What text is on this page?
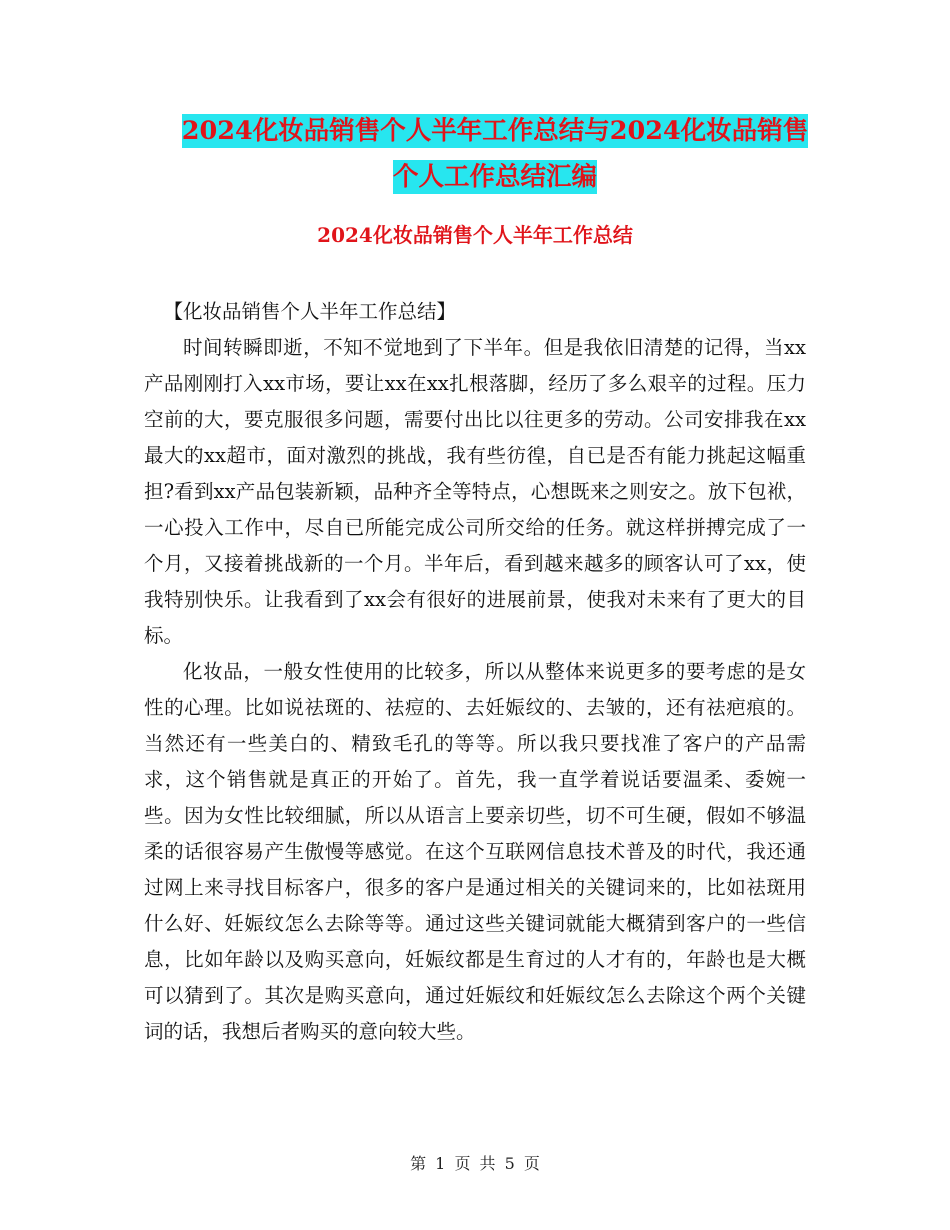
2024化妆品销售个人半年工作总结与2024化妆品销售
个人工作总结汇编
2024化妆品销售个人半年工作总结

【化妆品销售个人半年工作总结】

时间转瞬即逝，不知不觉地到了下半年。但是我依旧清楚的记得，当xx产品刚刚打入xx市场，要让xx在xx扎根落脚，经历了多么艰辛的过程。压力空前的大，要克服很多问题，需要付出比以往更多的劳动。公司安排我在xx最大的xx超市，面对激烈的挑战，我有些彷徨，自已是否有能力挑起这幅重担?看到xx产品包装新颖，品种齐全等特点，心想既来之则安之。放下包袱，一心投入工作中，尽自已所能完成公司所交给的任务。就这样拼搏完成了一个月，又接着挑战新的一个月。半年后，看到越来越多的顾客认可了xx，使我特别快乐。让我看到了xx会有很好的进展前景，使我对未来有了更大的目标。

化妆品，一般女性使用的比较多，所以从整体来说更多的要考虑的是女性的心理。比如说祛斑的、祛痘的、去妊娠纹的、去皱的，还有祛疤痕的。当然还有一些美白的、精致毛孔的等等。所以我只要找准了客户的产品需求，这个销售就是真正的开始了。首先，我一直学着说话要温柔、委婉一些。因为女性比较细腻，所以从语言上要亲切些，切不可生硬，假如不够温柔的话很容易产生傲慢等感觉。在这个互联网信息技术普及的时代，我还通过网上来寻找目标客户，很多的客户是通过相关的关键词来的，比如祛斑用什么好、妊娠纹怎么去除等等。通过这些关键词就能大概猜到客户的一些信息，比如年龄以及购买意向，妊娠纹都是生育过的人才有的，年龄也是大概可以猜到了。其次是购买意向，通过妊娠纹和妊娠纹怎么去除这个两个关键词的话，我想后者购买的意向较大些。

第 1 页 共 5 页
